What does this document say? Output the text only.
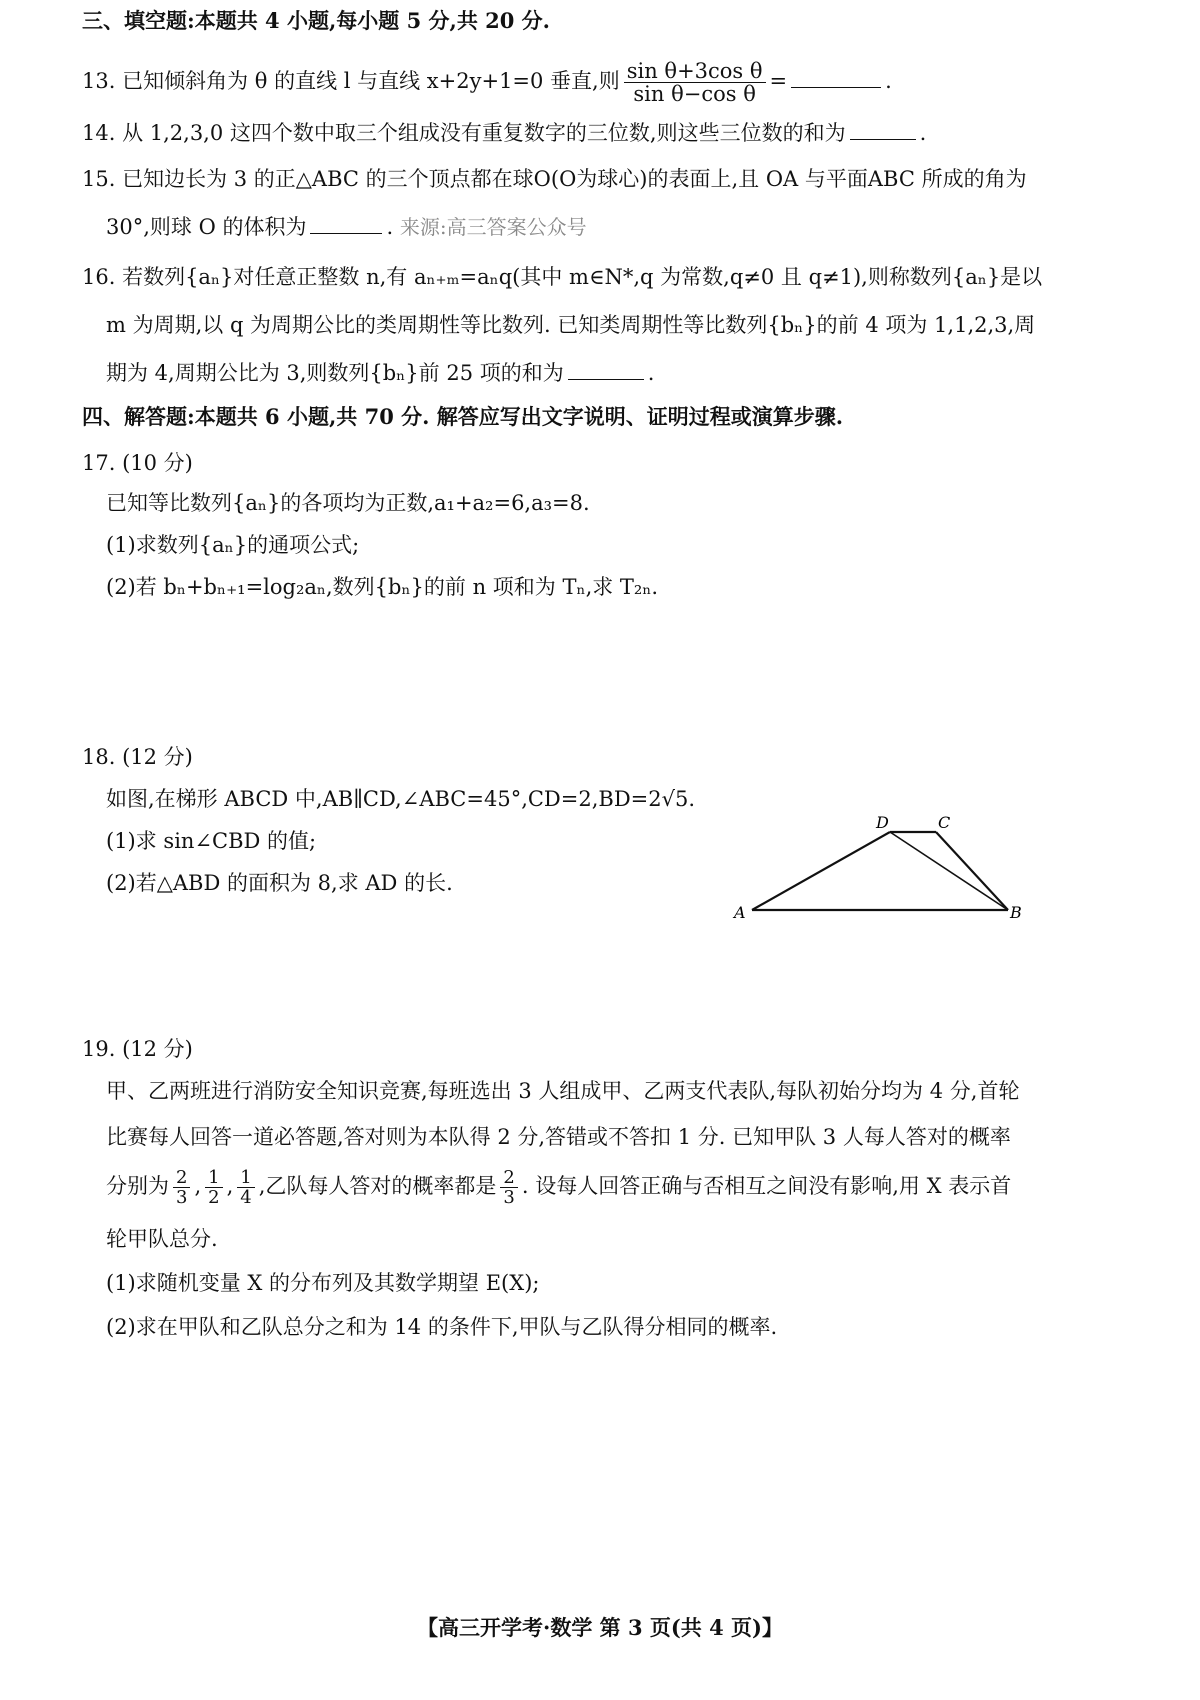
三、填空题:本题共 4 小题,每小题 5 分,共 20 分.
13. 已知倾斜角为 θ 的直线 l 与直线 x+2y+1=0 垂直,则 $\frac{\text{sin θ+3cos θ}}{\text{sin θ−cos θ}}$ =	.
14. 从 1,2,3,0 这四个数中取三个组成没有重复数字的三位数,则这些三位数的和为	.
15. 已知边长为 3 的正△ABC 的三个顶点都在球O(O为球心)的表面上,且 OA 与平面ABC 所成的角为
30°,则球 O 的体积为	. 来源:高三答案公众号
16. 若数列{aₙ}对任意正整数 n,有 aₙ₊ₘ=aₙq(其中 m∈N*,q 为常数,q≠0 且 q≠1),则称数列{aₙ}是以
m 为周期,以 q 为周期公比的类周期性等比数列. 已知类周期性等比数列{bₙ}的前 4 项为 1,1,2,3,周
期为 4,周期公比为 3,则数列{bₙ}前 25 项的和为	.
四、解答题:本题共 6 小题,共 70 分. 解答应写出文字说明、证明过程或演算步骤.
17. (10 分)
已知等比数列{aₙ}的各项均为正数,a₁+a₂=6,a₃=8.
(1)求数列{aₙ}的通项公式;
(2)若 bₙ+bₙ₊₁=log₂aₙ,数列{bₙ}的前 n 项和为 Tₙ,求 T₂ₙ.
18. (12 分)
如图,在梯形 ABCD 中,AB∥CD,∠ABC=45°,CD=2,BD=2√5.
(1)求 sin∠CBD 的值;
(2)若△ABD 的面积为 8,求 AD 的长.
A	B
C
D
19. (12 分)
甲、乙两班进行消防安全知识竞赛,每班选出 3 人组成甲、乙两支代表队,每队初始分均为 4 分,首轮
比赛每人回答一道必答题,答对则为本队得 2 分,答错或不答扣 1 分. 已知甲队 3 人每人答对的概率
分别为 $\frac{2}{3}$ , $\frac{1}{2}$ , $\frac{1}{4}$ ,乙队每人答对的概率都是 $\frac{2}{3}$ . 设每人回答正确与否相互之间没有影响,用 X 表示首
轮甲队总分.
(1)求随机变量 X 的分布列及其数学期望 E(X);
(2)求在甲队和乙队总分之和为 14 的条件下,甲队与乙队得分相同的概率.
【高三开学考·数学 第 3 页(共 4 页)】
